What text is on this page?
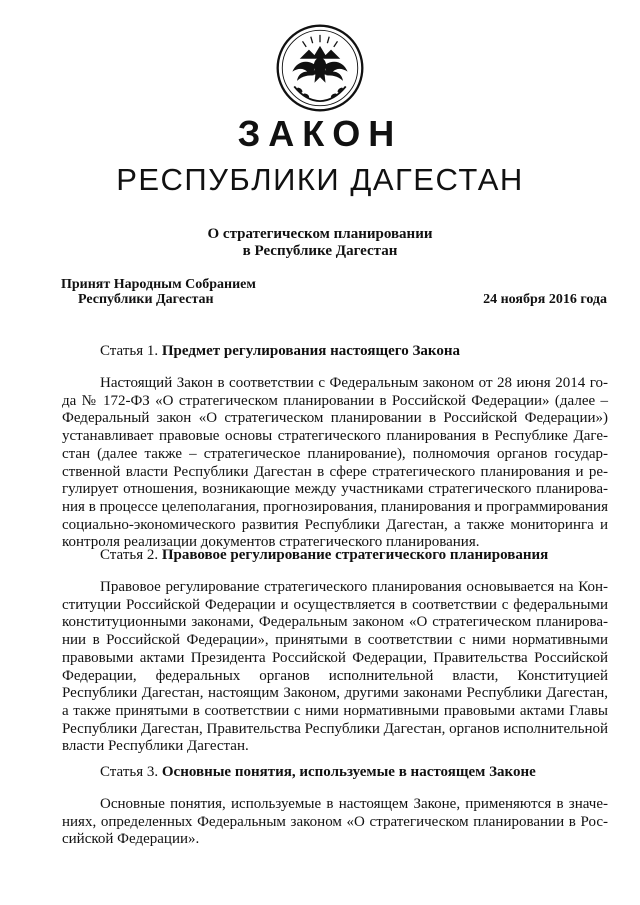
ЗАКОН
РЕСПУБЛИКИ ДАГЕСТАН
О стратегическом планировании
в Республике Дагестан
Принят Народным Собранием
Республики Дагестан	24 ноября 2016 года
Статья 1. Предмет регулирования настоящего Закона
Настоящий Закон в соответствии с Федеральным законом от 28 июня 2014 года № 172-ФЗ «О стратегическом планировании в Российской Федерации» (далее – Федеральный закон «О стратегическом планировании в Российской Федерации») устанавливает правовые основы стратегического планирования в Республике Дагестан (далее также – стратегическое планирование), полномочия органов государственной власти Республики Дагестан в сфере стратегического планирования и регулирует отношения, возникающие между участниками стратегического планирования в процессе целеполагания, прогнозирования, планирования и программирования социально-экономического развития Республики Дагестан, а также мониторинга и контроля реализации документов стратегического планирования.
Статья 2. Правовое регулирование стратегического планирования
Правовое регулирование стратегического планирования основывается на Конституции Российской Федерации и осуществляется в соответствии с федеральными конституционными законами, Федеральным законом «О стратегическом планировании в Российской Федерации», принятыми в соответствии с ними нормативными правовыми актами Президента Российской Федерации, Правительства Российской Федерации, федеральных органов исполнительной власти, Конституцией Республики Дагестан, настоящим Законом, другими законами Республики Дагестан, а также принятыми в соответствии с ними нормативными правовыми актами Главы Республики Дагестан, Правительства Республики Дагестан, органов исполнительной власти Республики Дагестан.
Статья 3. Основные понятия, используемые в настоящем Законе
Основные понятия, используемые в настоящем Законе, применяются в значениях, определенных Федеральным законом «О стратегическом планировании в Российской Федерации».
